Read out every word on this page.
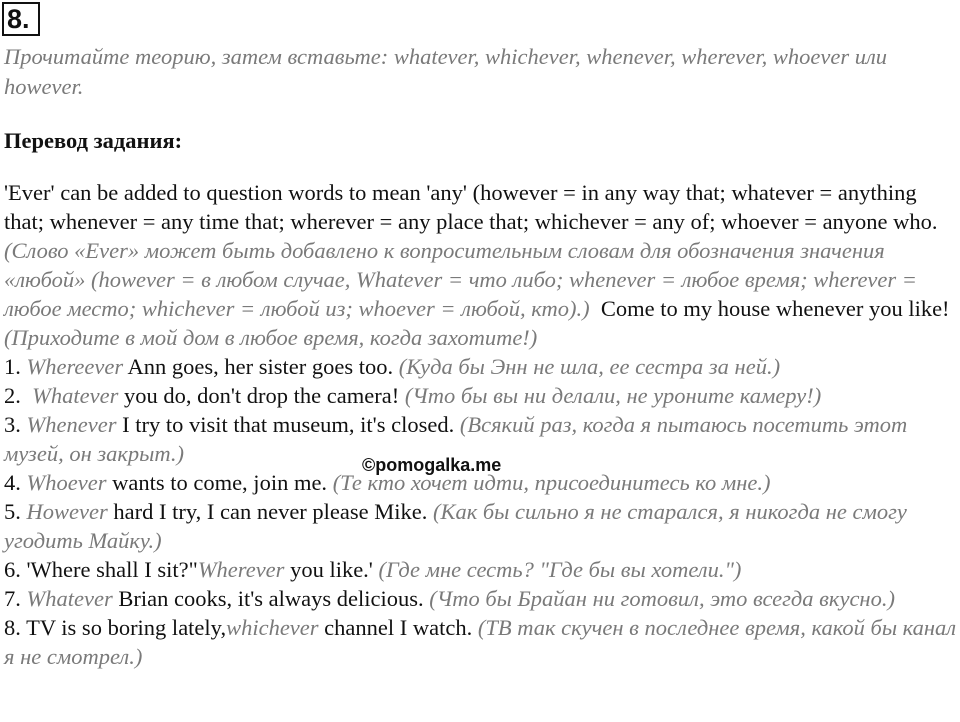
8.
Прочитайте теорию, затем вставьте: whatever, whichever, whenever, wherever, whoever или however.
Перевод задания:

'Ever' can be added to question words to mean 'any' (however = in any way that; whatever = anything that; whenever = any time that; wherever = any place that; whichever = any of; whoever = anyone who. (Слово «Ever» может быть добавлено к вопросительным словам для обозначения значения «любой» (however = в любом случае, Whatever = что либо; whenever = любое время; wherever = любое место; whichever = любой из; whoever = любой, кто).) Come to my house whenever you like! (Приходите в мой дом в любое время, когда захотите!)

1. Whereever Ann goes, her sister goes too. (Куда бы Энн не шла, ее сестра за ней.)

2.  Whatever you do, don't drop the camera! (Что бы вы ни делали, не уроните камеру!)

3. Whenever I try to visit that museum, it's closed. (Всякий раз, когда я пытаюсь посетить этот музей, он закрыт.)

4. Whoever wants to come, join me. (Те кто хочет идти, присоединитесь ко мне.)

5. However hard I try, I can never please Mike. (Как бы сильно я не старался, я никогда не смогу угодить Майку.)

6. 'Where shall I sit?"Wherever you like.' (Где мне сесть? "Где бы вы хотели.")

7. Whatever Brian cooks, it's always delicious. (Что бы Брайан ни готовил, это всегда вкусно.)

8. TV is so boring lately,whichever channel I watch. (ТВ так скучен в последнее время, какой бы канал я не смотрел.)

©pomogalka.me
